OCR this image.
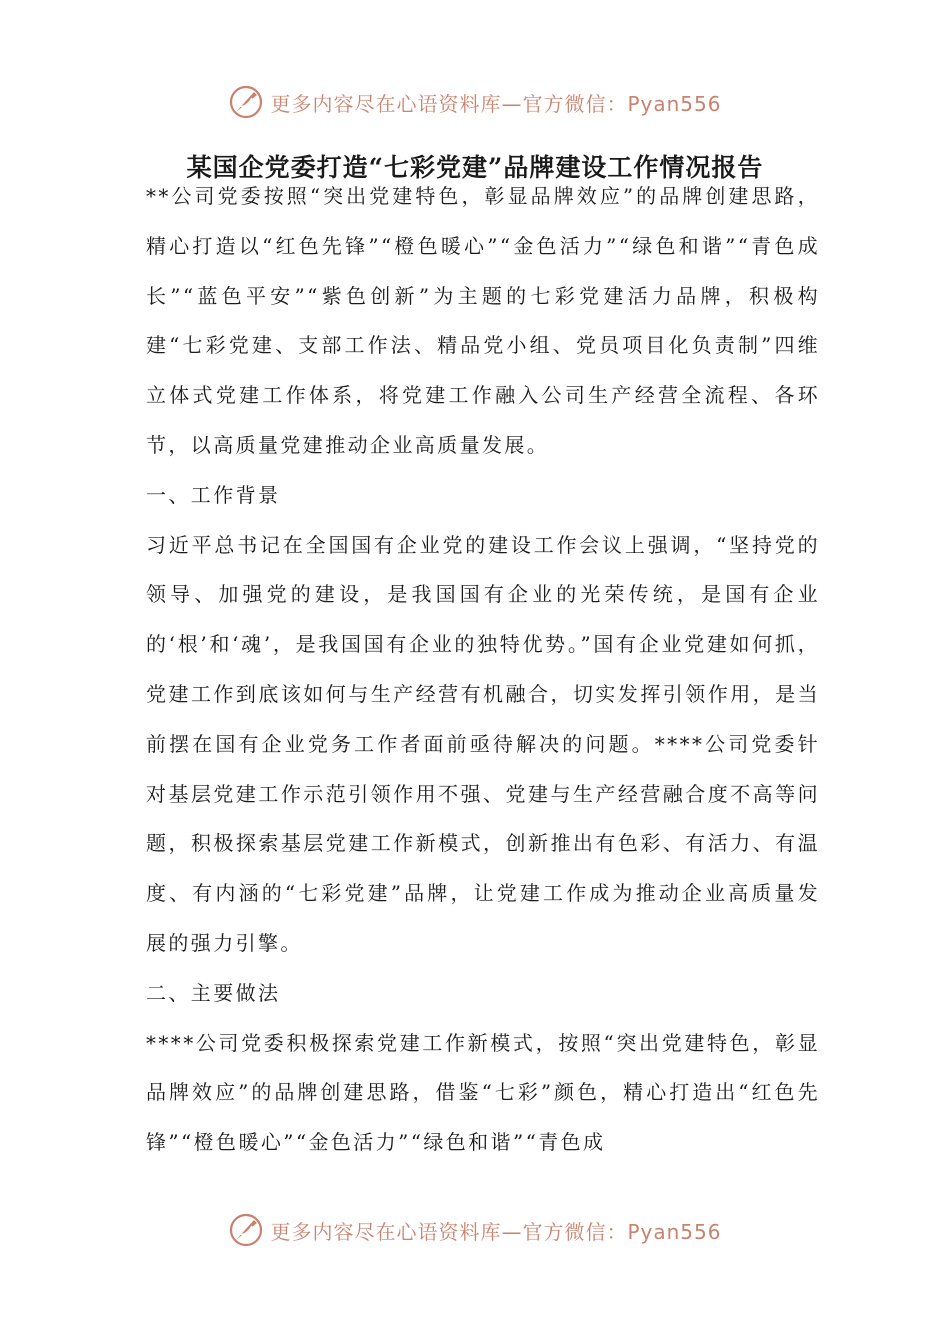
更多内容尽在心语资料库—官方微信：Pyan556
某国企党委打造“七彩党建”品牌建设工作情况报告

**公司党委按照“突出党建特色，彰显品牌效应”的品牌创建思路，精心打造以“红色先锋”“橙色暖心”“金色活力”“绿色和谐”“青色成长”“蓝色平安”“紫色创新”为主题的七彩党建活力品牌，积极构建“七彩党建、支部工作法、精品党小组、党员项目化负责制”四维立体式党建工作体系，将党建工作融入公司生产经营全流程、各环节，以高质量党建推动企业高质量发展。

一、工作背景

习近平总书记在全国国有企业党的建设工作会议上强调，“坚持党的领导、加强党的建设，是我国国有企业的光荣传统，是国有企业的‘根’和‘魂’，是我国国有企业的独特优势。”国有企业党建如何抓，党建工作到底该如何与生产经营有机融合，切实发挥引领作用，是当前摆在国有企业党务工作者面前亟待解决的问题。****公司党委针对基层党建工作示范引领作用不强、党建与生产经营融合度不高等问题，积极探索基层党建工作新模式，创新推出有色彩、有活力、有温度、有内涵的“七彩党建”品牌，让党建工作成为推动企业高质量发展的强力引擎。

二、主要做法

****公司党委积极探索党建工作新模式，按照“突出党建特色，彰显品牌效应”的品牌创建思路，借鉴“七彩”颜色，精心打造出“红色先锋”“橙色暖心”“金色活力”“绿色和谐”“青色成

更多内容尽在心语资料库—官方微信：Pyan556
